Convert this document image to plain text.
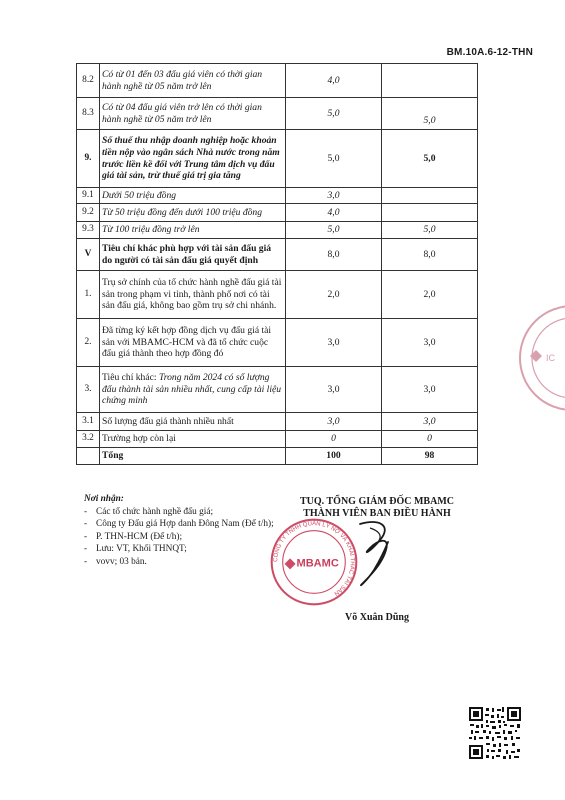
BM.10A.6-12-THN
8.2	Có từ 01 đến 03 đấu giá viên có thời gian hành nghề từ 05 năm trở lên	4,0	
8.3	Có từ 04 đấu giá viên trở lên có thời gian hành nghề từ 05 năm trở lên	5,0	5,0
9.	Số thuế thu nhập doanh nghiệp hoặc khoản tiền nộp vào ngân sách Nhà nước trong năm trước liền kề đối với Trung tâm dịch vụ đấu giá tài sản, trừ thuế giá trị gia tăng	5,0	5,0
9.1	Dưới 50 triệu đồng	3,0	
9.2	Từ 50 triệu đồng đến dưới 100 triệu đồng	4,0	
9.3	Từ 100 triệu đồng trở lên	5,0	5,0
V	Tiêu chí khác phù hợp với tài sản đấu giá do người có tài sản đấu giá quyết định	8,0	8,0
1.	Trụ sở chính của tổ chức hành nghề đấu giá tài sản trong phạm vi tỉnh, thành phố nơi có tài sản đấu giá, không bao gồm trụ sở chi nhánh.	2,0	2,0
2.	Đã từng ký kết hợp đồng dịch vụ đấu giá tài sản với MBAMC-HCM và đã tổ chức cuộc đấu giá thành theo hợp đồng đó	3,0	3,0
3.	Tiêu chí khác: Trong năm 2024 có số lượng đấu thành tài sản nhiều nhất, cung cấp tài liệu chứng minh	3,0	3,0
3.1	Số lượng đấu giá thành nhiều nhất	3,0	3,0
3.2	Trường hợp còn lại	0	0
	Tổng	100	98
Nơi nhận:
- Các tổ chức hành nghề đấu giá;
- Công ty Đấu giá Hợp danh Đông Nam (Để t/h);
- P. THN-HCM (Để t/h);
- Lưu: VT, Khối THNQT;
- vovv; 03 bản.
TUQ. TỔNG GIÁM ĐỐC MBAMC
THÀNH VIÊN BAN ĐIỀU HÀNH
CÔNG TY TNHH QUẢN LÝ NỢ VÀ KHAI THÁC TÀI SẢN
MBAMC
IC
Võ Xuân Dũng
